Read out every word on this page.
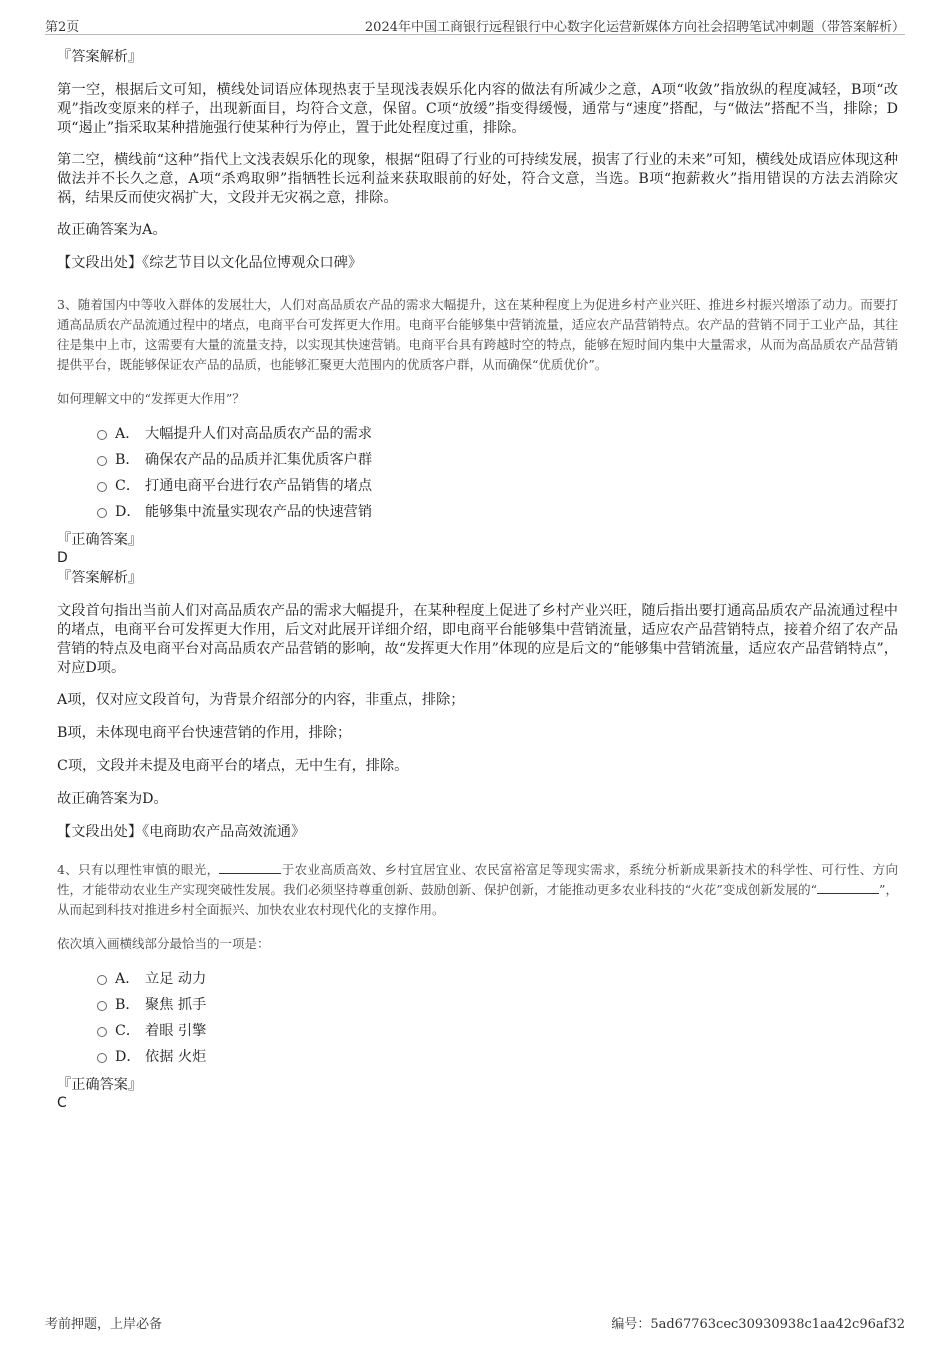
第2页	2024年中国工商银行远程银行中心数字化运营新媒体方向社会招聘笔试冲刺题（带答案解析）

『答案解析』

第一空，根据后文可知，横线处词语应体现热衷于呈现浅表娱乐化内容的做法有所减少之意，A项“收敛”指放纵的程度减轻，B项“改观”指改变原来的样子，出现新面目，均符合文意，保留。C项“放缓”指变得缓慢，通常与“速度”搭配，与“做法”搭配不当，排除；D项“遏止”指采取某种措施强行使某种行为停止，置于此处程度过重，排除。

第二空，横线前“这种”指代上文浅表娱乐化的现象，根据“阻碍了行业的可持续发展，损害了行业的未来”可知，横线处成语应体现这种做法并不长久之意，A项“杀鸡取卵”指牺牲长远利益来获取眼前的好处，符合文意，当选。B项“抱薪救火”指用错误的方法去消除灾祸，结果反而使灾祸扩大，文段并无灾祸之意，排除。

故正确答案为A。

【文段出处】《综艺节目以文化品位博观众口碑》

3、随着国内中等收入群体的发展壮大，人们对高品质农产品的需求大幅提升，这在某种程度上为促进乡村产业兴旺、推进乡村振兴增添了动力。而要打通高品质农产品流通过程中的堵点，电商平台可发挥更大作用。电商平台能够集中营销流量，适应农产品营销特点。农产品的营销不同于工业产品，其往往是集中上市，这需要有大量的流量支持，以实现其快速营销。电商平台具有跨越时空的特点，能够在短时间内集中大量需求，从而为高品质农产品营销提供平台，既能够保证农产品的品质，也能够汇聚更大范围内的优质客户群，从而确保“优质优价”。

如何理解文中的“发挥更大作用”？

A． 大幅提升人们对高品质农产品的需求
B． 确保农产品的品质并汇集优质客户群
C． 打通电商平台进行农产品销售的堵点
D． 能够集中流量实现农产品的快速营销

『正确答案』

D

『答案解析』

文段首句指出当前人们对高品质农产品的需求大幅提升，在某种程度上促进了乡村产业兴旺，随后指出要打通高品质农产品流通过程中的堵点，电商平台可发挥更大作用，后文对此展开详细介绍，即电商平台能够集中营销流量，适应农产品营销特点，接着介绍了农产品营销的特点及电商平台对高品质农产品营销的影响，故“发挥更大作用”体现的应是后文的“能够集中营销流量，适应农产品营销特点”，对应D项。

A项，仅对应文段首句，为背景介绍部分的内容，非重点，排除；

B项，未体现电商平台快速营销的作用，排除；

C项，文段并未提及电商平台的堵点，无中生有，排除。

故正确答案为D。

【文段出处】《电商助农产品高效流通》

4、只有以理性审慎的眼光，	于农业高质高效、乡村宜居宜业、农民富裕富足等现实需求，系统分析新成果新技术的科学性、可行性、方向性，才能带动农业生产实现突破性发展。我们必须坚持尊重创新、鼓励创新、保护创新，才能推动更多农业科技的“火花”变成创新发展的“	”，从而起到科技对推进乡村全面振兴、加快农业农村现代化的支撑作用。

依次填入画横线部分最恰当的一项是：

A． 立足 动力
B． 聚焦 抓手
C． 着眼 引擎
D． 依据 火炬

『正确答案』

C

考前押题，上岸必备	编号：5ad67763cec30930938c1aa42c96af32
